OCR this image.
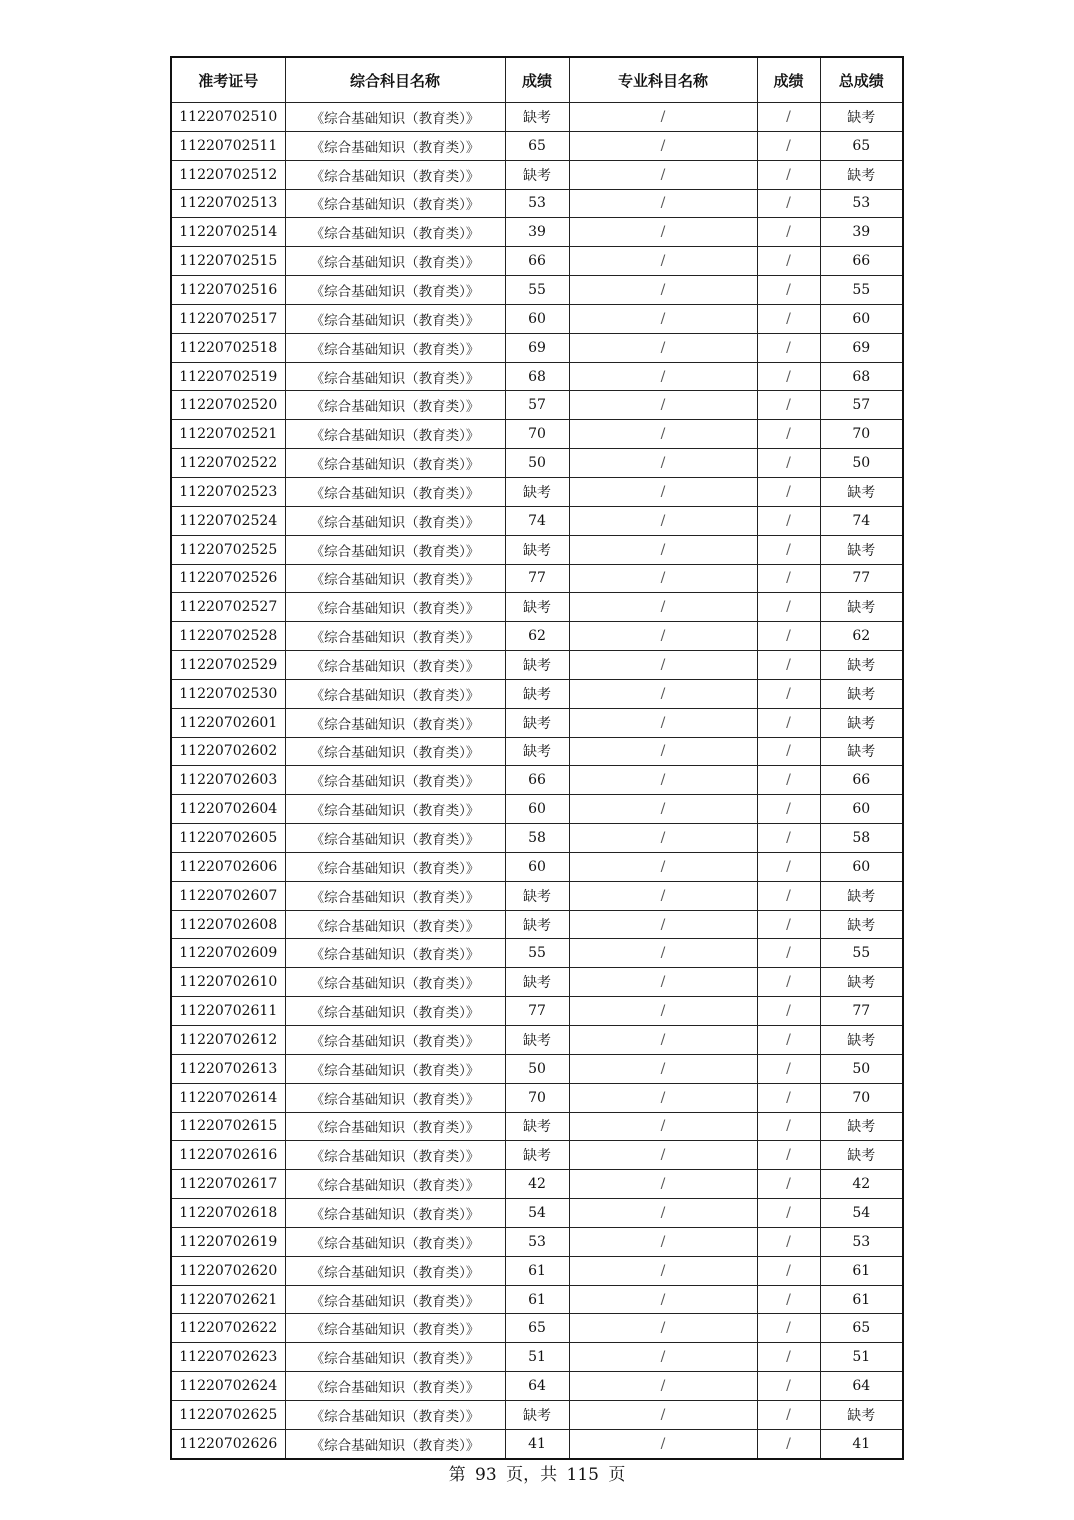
准考证号	综合科目名称	成绩	专业科目名称	成绩	总成绩
11220702510	《综合基础知识（教育类）》	缺考	/	/	缺考
11220702511	《综合基础知识（教育类）》	65	/	/	65
11220702512	《综合基础知识（教育类）》	缺考	/	/	缺考
11220702513	《综合基础知识（教育类）》	53	/	/	53
11220702514	《综合基础知识（教育类）》	39	/	/	39
11220702515	《综合基础知识（教育类）》	66	/	/	66
11220702516	《综合基础知识（教育类）》	55	/	/	55
11220702517	《综合基础知识（教育类）》	60	/	/	60
11220702518	《综合基础知识（教育类）》	69	/	/	69
11220702519	《综合基础知识（教育类）》	68	/	/	68
11220702520	《综合基础知识（教育类）》	57	/	/	57
11220702521	《综合基础知识（教育类）》	70	/	/	70
11220702522	《综合基础知识（教育类）》	50	/	/	50
11220702523	《综合基础知识（教育类）》	缺考	/	/	缺考
11220702524	《综合基础知识（教育类）》	74	/	/	74
11220702525	《综合基础知识（教育类）》	缺考	/	/	缺考
11220702526	《综合基础知识（教育类）》	77	/	/	77
11220702527	《综合基础知识（教育类）》	缺考	/	/	缺考
11220702528	《综合基础知识（教育类）》	62	/	/	62
11220702529	《综合基础知识（教育类）》	缺考	/	/	缺考
11220702530	《综合基础知识（教育类）》	缺考	/	/	缺考
11220702601	《综合基础知识（教育类）》	缺考	/	/	缺考
11220702602	《综合基础知识（教育类）》	缺考	/	/	缺考
11220702603	《综合基础知识（教育类）》	66	/	/	66
11220702604	《综合基础知识（教育类）》	60	/	/	60
11220702605	《综合基础知识（教育类）》	58	/	/	58
11220702606	《综合基础知识（教育类）》	60	/	/	60
11220702607	《综合基础知识（教育类）》	缺考	/	/	缺考
11220702608	《综合基础知识（教育类）》	缺考	/	/	缺考
11220702609	《综合基础知识（教育类）》	55	/	/	55
11220702610	《综合基础知识（教育类）》	缺考	/	/	缺考
11220702611	《综合基础知识（教育类）》	77	/	/	77
11220702612	《综合基础知识（教育类）》	缺考	/	/	缺考
11220702613	《综合基础知识（教育类）》	50	/	/	50
11220702614	《综合基础知识（教育类）》	70	/	/	70
11220702615	《综合基础知识（教育类）》	缺考	/	/	缺考
11220702616	《综合基础知识（教育类）》	缺考	/	/	缺考
11220702617	《综合基础知识（教育类）》	42	/	/	42
11220702618	《综合基础知识（教育类）》	54	/	/	54
11220702619	《综合基础知识（教育类）》	53	/	/	53
11220702620	《综合基础知识（教育类）》	61	/	/	61
11220702621	《综合基础知识（教育类）》	61	/	/	61
11220702622	《综合基础知识（教育类）》	65	/	/	65
11220702623	《综合基础知识（教育类）》	51	/	/	51
11220702624	《综合基础知识（教育类）》	64	/	/	64
11220702625	《综合基础知识（教育类）》	缺考	/	/	缺考
11220702626	《综合基础知识（教育类）》	41	/	/	41
第 93 页，共 115 页
